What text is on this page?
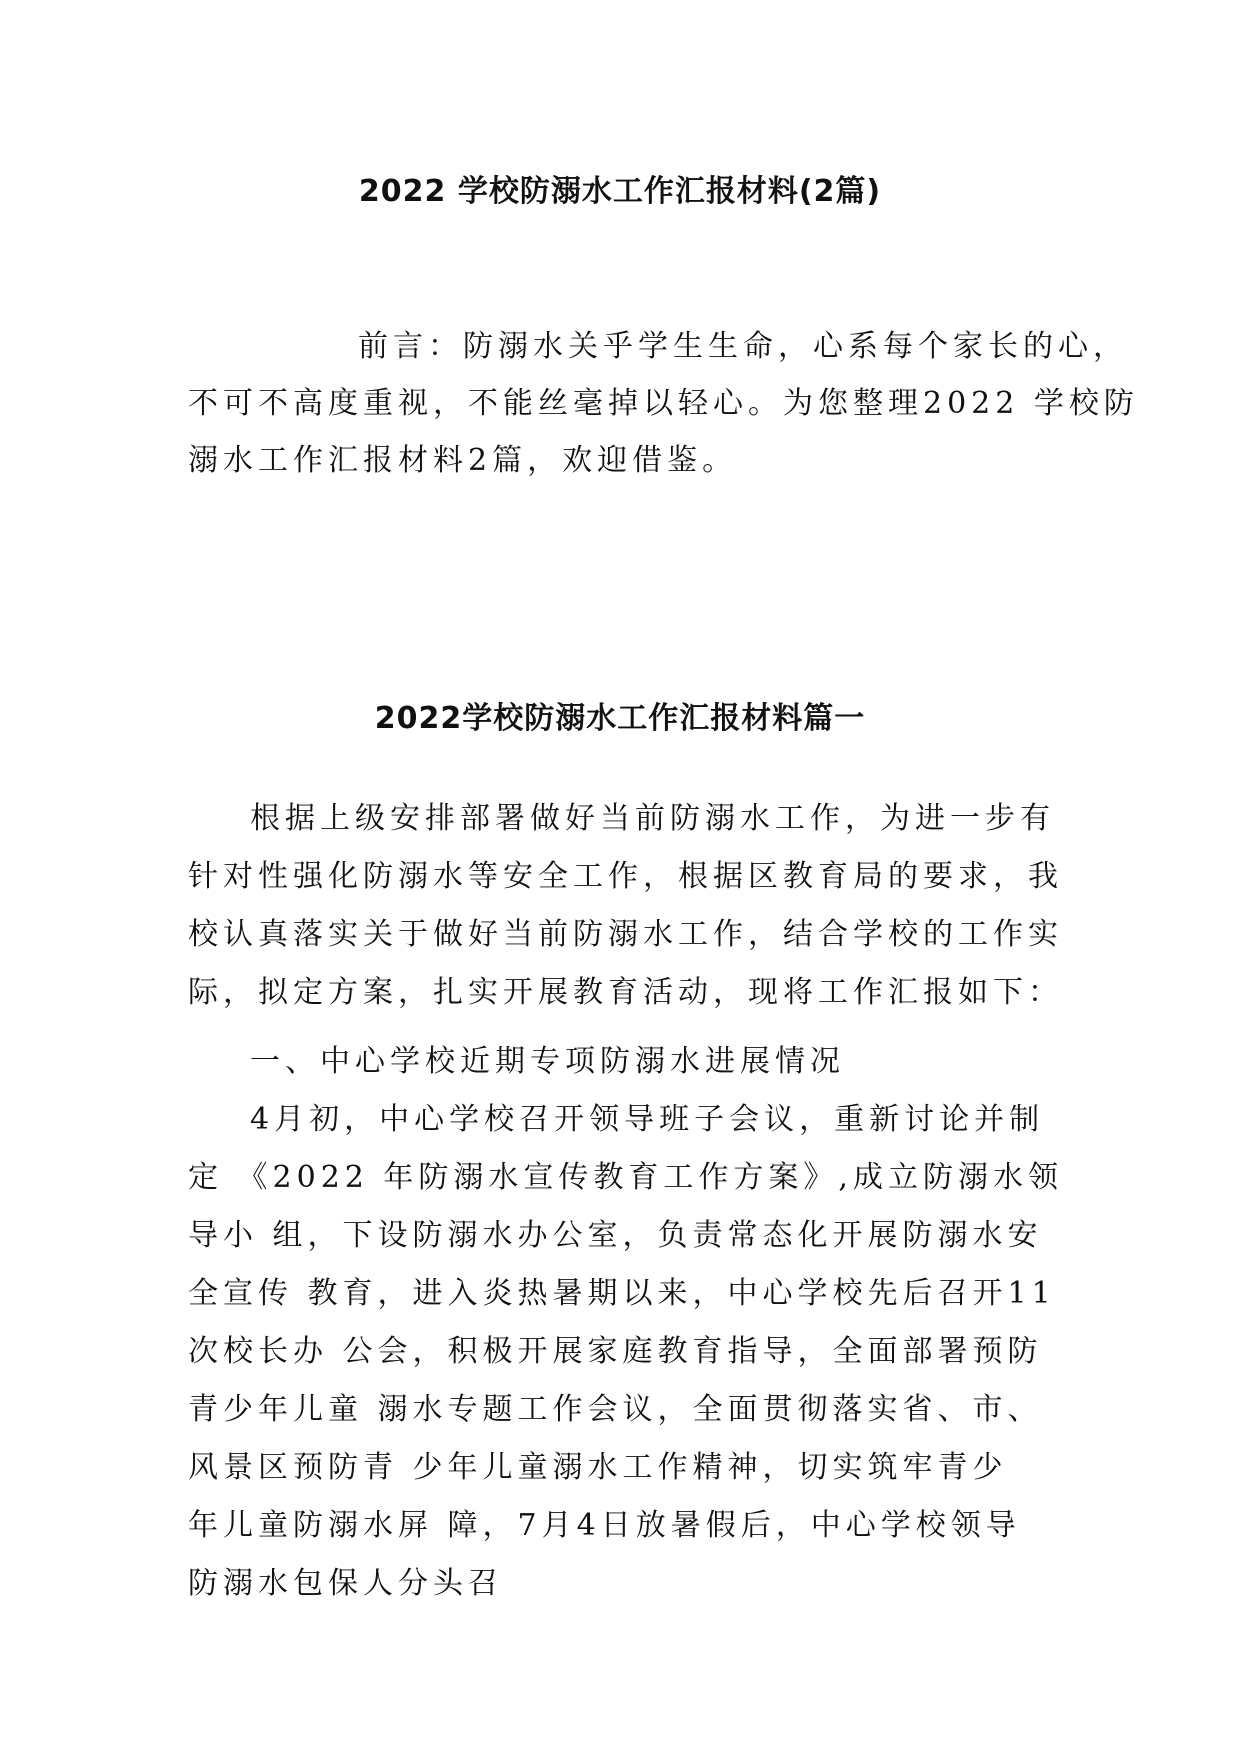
2022 学校防溺水工作汇报材料(2篇)
前言：防溺水关乎学生生命，心系每个家长的心，
不可不高度重视，不能丝毫掉以轻心。为您整理2022 学校防
溺水工作汇报材料2篇，欢迎借鉴。
2022学校防溺水工作汇报材料篇一
根据上级安排部署做好当前防溺水工作，为进一步有
针对性强化防溺水等安全工作，根据区教育局的要求，我
校认真落实关于做好当前防溺水工作，结合学校的工作实
际，拟定方案，扎实开展教育活动，现将工作汇报如下：
一、中心学校近期专项防溺水进展情况
4月初，中心学校召开领导班子会议，重新讨论并制
定 《2022 年防溺水宣传教育工作方案》,成立防溺水领
导小 组，下设防溺水办公室，负责常态化开展防溺水安
全宣传 教育，进入炎热暑期以来，中心学校先后召开11
次校长办 公会，积极开展家庭教育指导，全面部署预防
青少年儿童 溺水专题工作会议，全面贯彻落实省、市、
风景区预防青 少年儿童溺水工作精神，切实筑牢青少
年儿童防溺水屏 障，7月4日放暑假后，中心学校领导
防溺水包保人分头召
